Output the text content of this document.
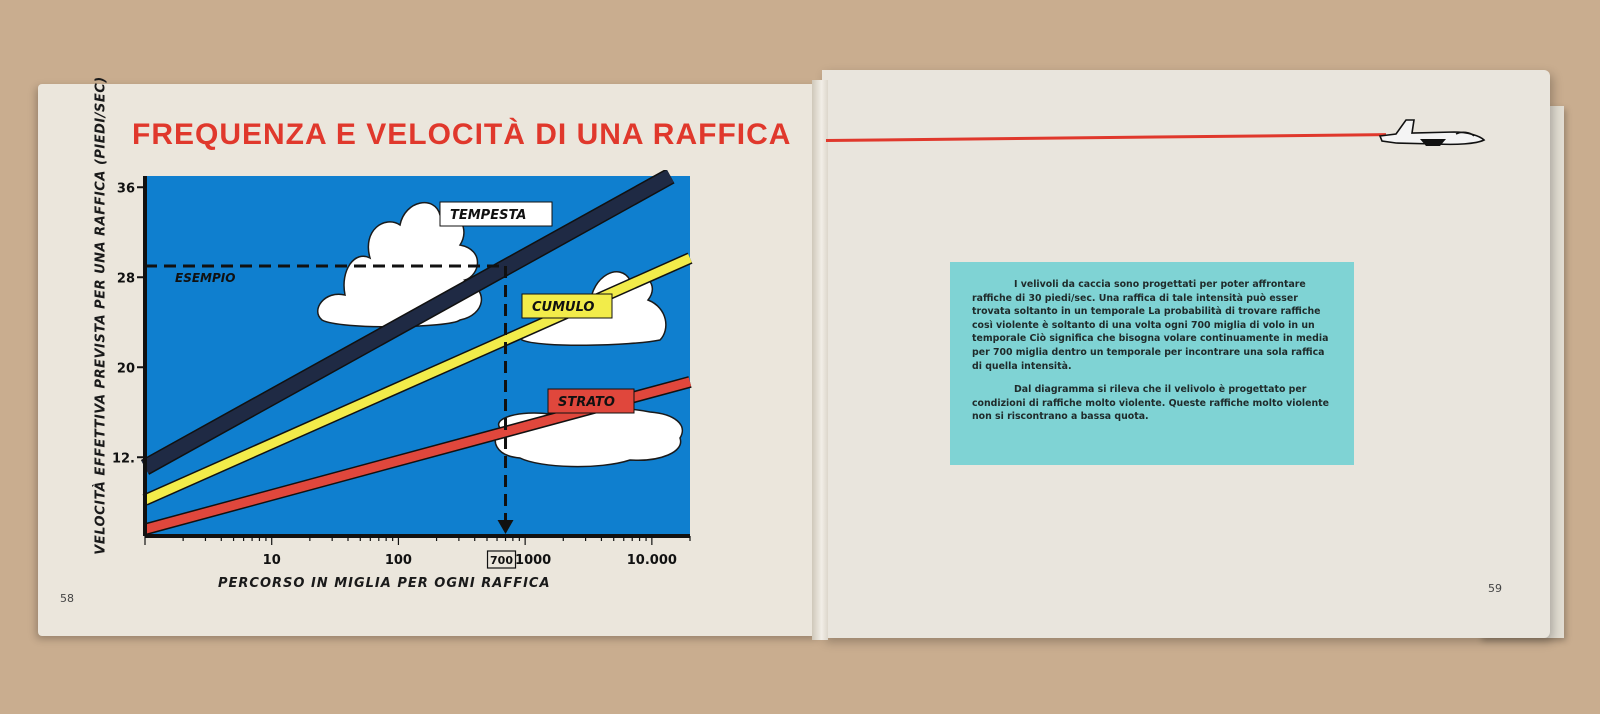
FREQUENZA E VELOCITÀ DI UNA RAFFICA
VELOCITÀ EFFETTIVA PREVISTA PER UNA RAFFICA (PIEDI/SEC)	ESEMPIO
TEMPESTA
CUMULO
STRATO
12.
20
28
36
10	100	700 1000	10.000
PERCORSO IN MIGLIA PER OGNI RAFFICA
58

I velivoli da caccia sono progettati per poter affrontare raffiche di 30 piedi/sec. Una raffica di tale intensità può esser trovata soltanto in un temporale La probabilità di trovare raffiche così violente è soltanto di una volta ogni 700 miglia di volo in un temporale Ciò significa che bisogna volare continuamente in media per 700 miglia dentro un temporale per incontrare una sola raffica di quella intensità.

Dal diagramma si rileva che il velivolo è progettato per condizioni di raffiche molto violente. Queste raffiche molto violente non si riscontrano a bassa quota.

59
